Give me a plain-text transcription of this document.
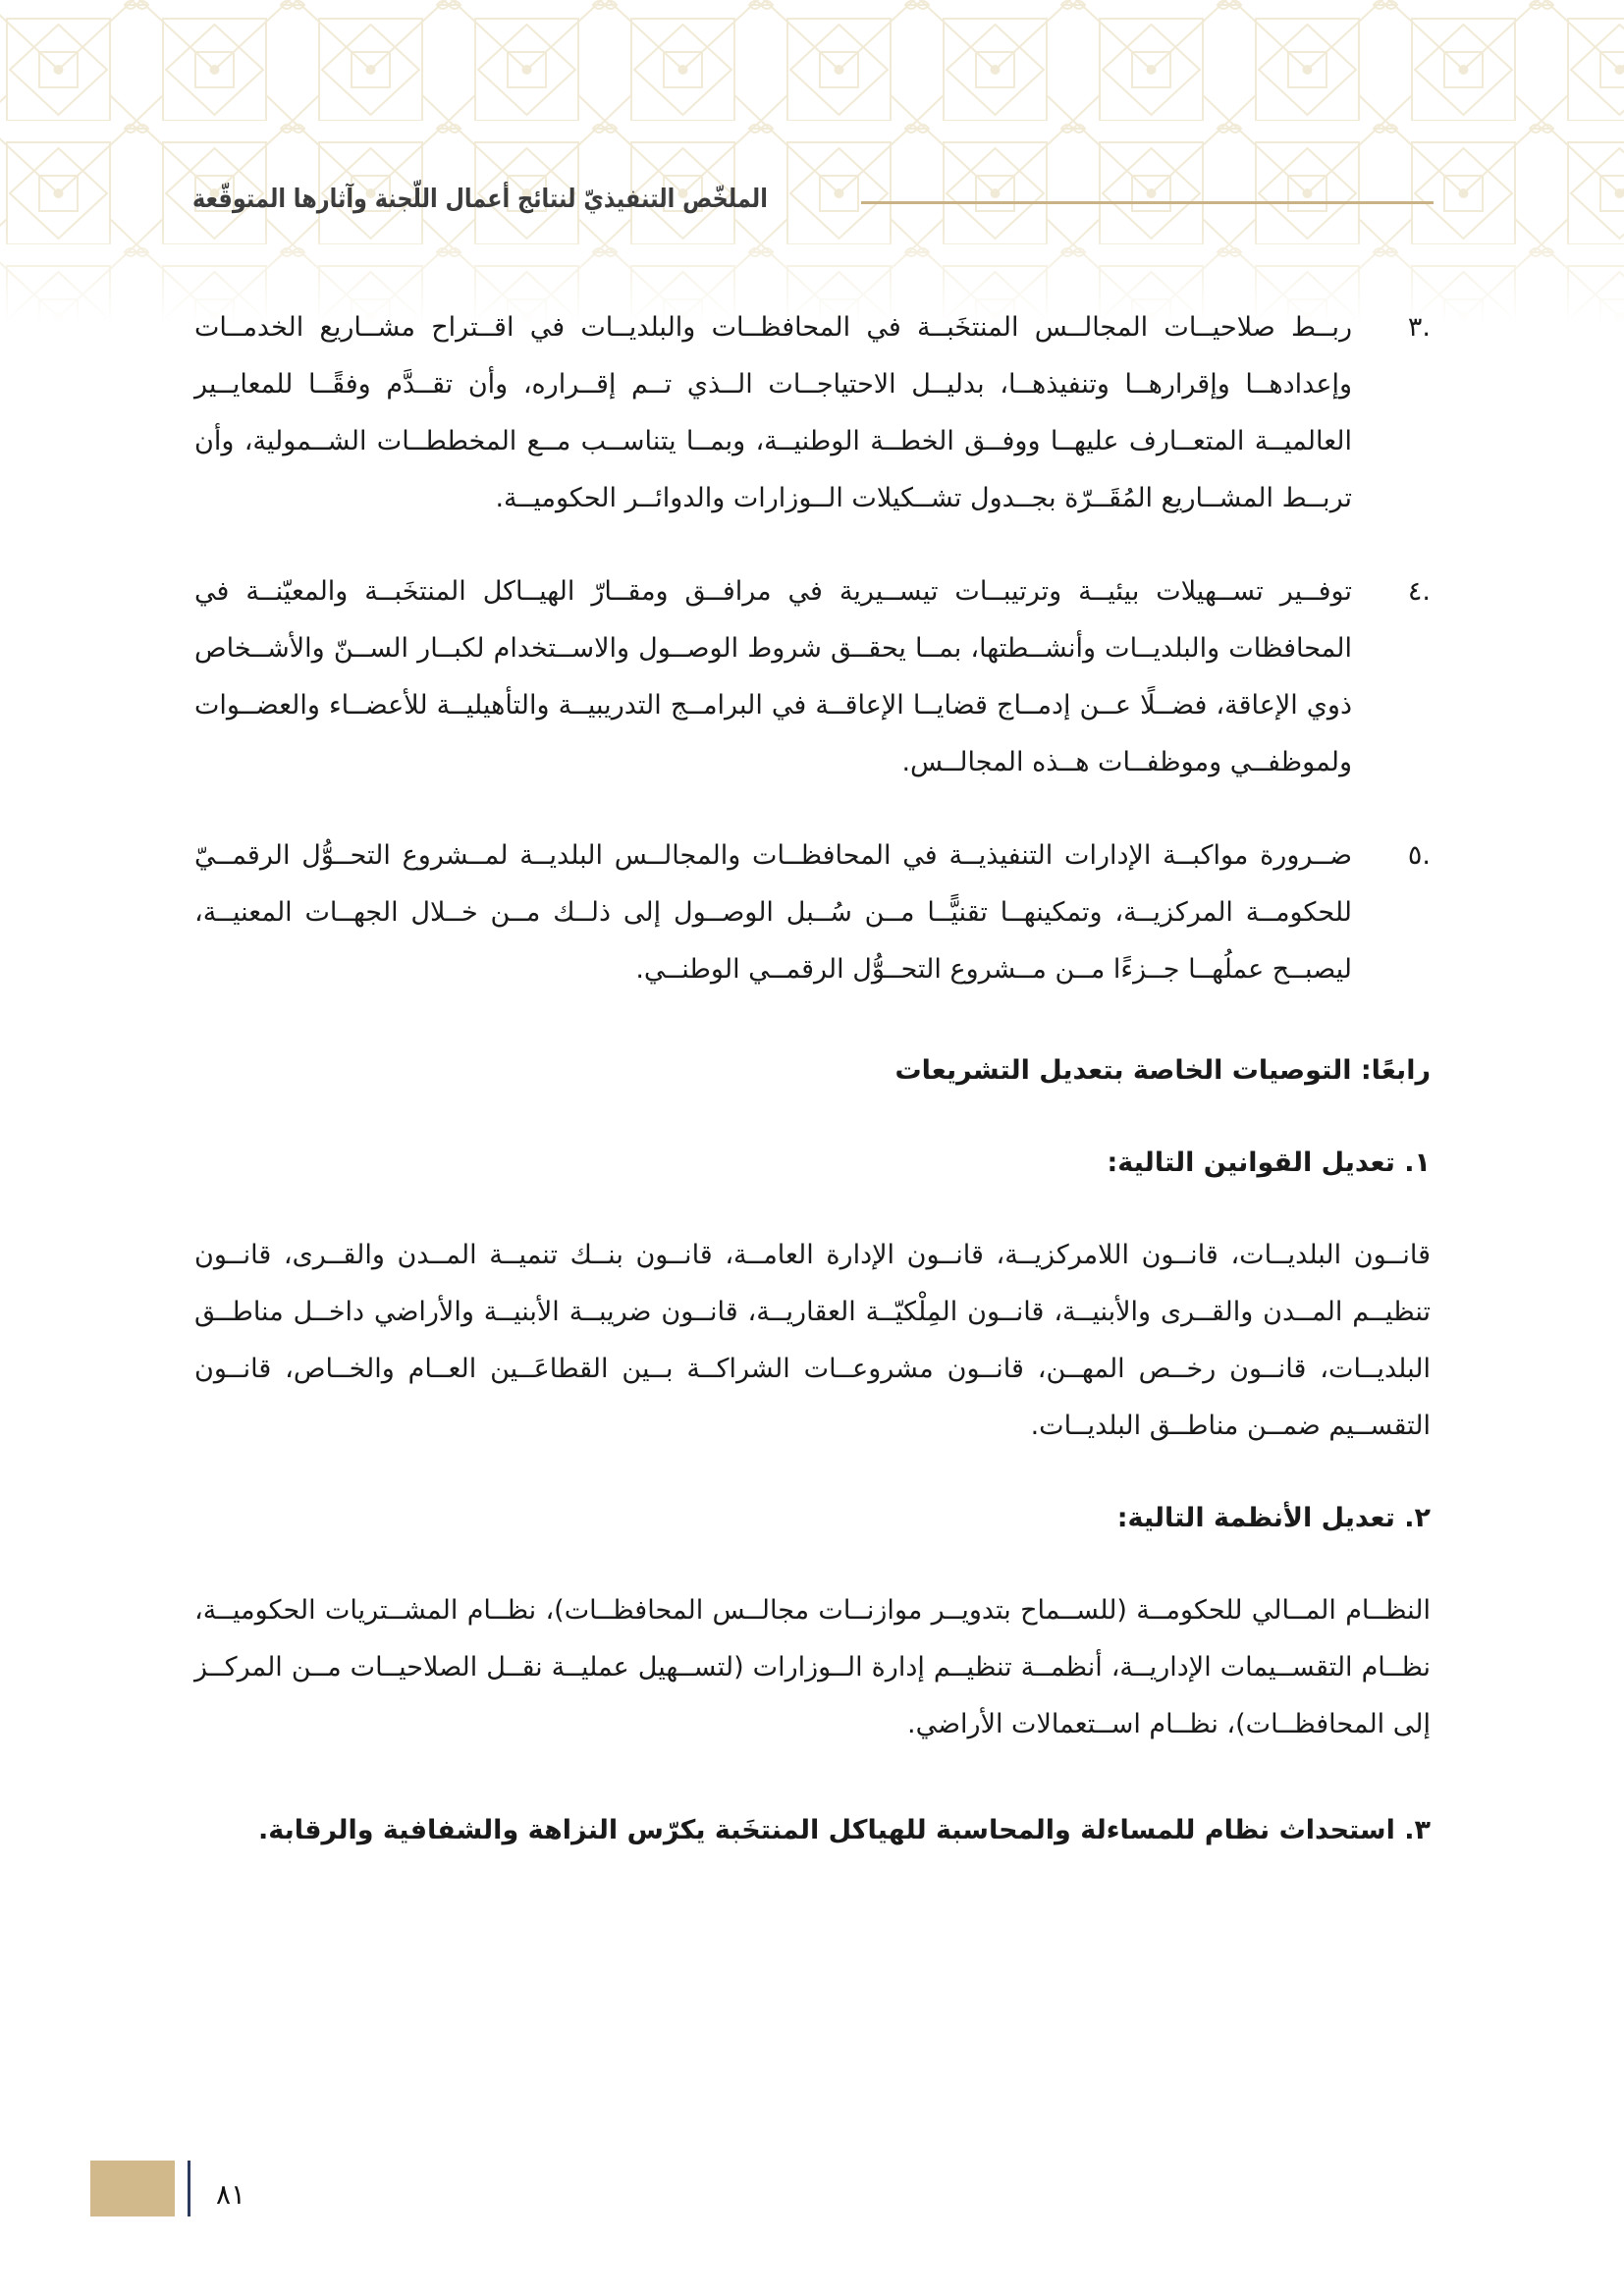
الملخّص التنفيذيّ لنتائج أعمال اللّجنة وآثارها المتوقّعة

.٣
ربــط صلاحيــات المجالــس المنتخَبــة في المحافظــات والبلديــات في اقــتراح مشــاريع الخدمــات وإعدادهــا وإقرارهــا وتنفيذهــا، بدليــل الاحتياجــات الــذي تــم إقــراره، وأن تقــدَّم وفقًــا للمعايــير العالميــة المتعــارف عليهــا ووفــق الخطــة الوطنيــة، وبمــا يتناســب مــع المخططــات الشــمولية، وأن تربــط المشــاريع المُقَــرّة بجــدول تشــكيلات الــوزارات والدوائــر الحكوميــة.

.٤
توفــير تســهيلات بيئيــة وترتيبــات تيســيرية في مرافــق ومقــارّ الهيــاكل المنتخَبــة والمعيّنــة في المحافظات والبلديــات وأنشــطتها، بمــا يحقــق شروط الوصــول والاســتخدام لكبــار الســنّ والأشــخاص ذوي الإعاقة، فضــلًا عــن إدمــاج قضايــا الإعاقــة في البرامــج التدريبيــة والتأهيليــة للأعضــاء والعضــوات ولموظفــي وموظفــات هــذه المجالــس.

.٥
ضــرورة مواكبــة الإدارات التنفيذيــة في المحافظــات والمجالــس البلديــة لمــشروع التحــوُّل الرقمــيّ للحكومــة المركزيــة، وتمكينهــا تقنيًّــا مــن سُــبل الوصــول إلى ذلــك مــن خــلال الجهــات المعنيــة، ليصبــح عملُهــا جــزءًا مــن مــشروع التحــوُّل الرقمــي الوطنــي.

رابعًا: التوصيات الخاصة بتعديل التشريعات
١. تعديل القوانين التالية:

قانــون البلديــات، قانــون اللامركزيــة، قانــون الإدارة العامــة، قانــون بنــك تنميــة المــدن والقــرى، قانــون تنظيــم المــدن والقــرى والأبنيــة، قانــون المِلْكيّــة العقاريــة، قانــون ضريبــة الأبنيــة والأراضي داخــل مناطــق البلديــات، قانــون رخــص المهــن، قانــون مشروعــات الشراكــة بــين القطاعَــين العــام والخــاص، قانــون التقســيم ضمــن مناطــق البلديــات.

٢. تعديل الأنظمة التالية:

النظــام المــالي للحكومــة (للســماح بتدويــر موازنــات مجالــس المحافظــات)، نظــام المشــتريات الحكوميــة، نظــام التقســيمات الإداريــة، أنظمــة تنظيــم إدارة الــوزارات (لتســهيل عمليــة نقــل الصلاحيــات مــن المركــز إلى المحافظــات)، نظــام اســتعمالات الأراضي.

٣. استحداث نظام للمساءلة والمحاسبة للهياكل المنتخَبة يكرّس النزاهة والشفافية والرقابة.
٨١
